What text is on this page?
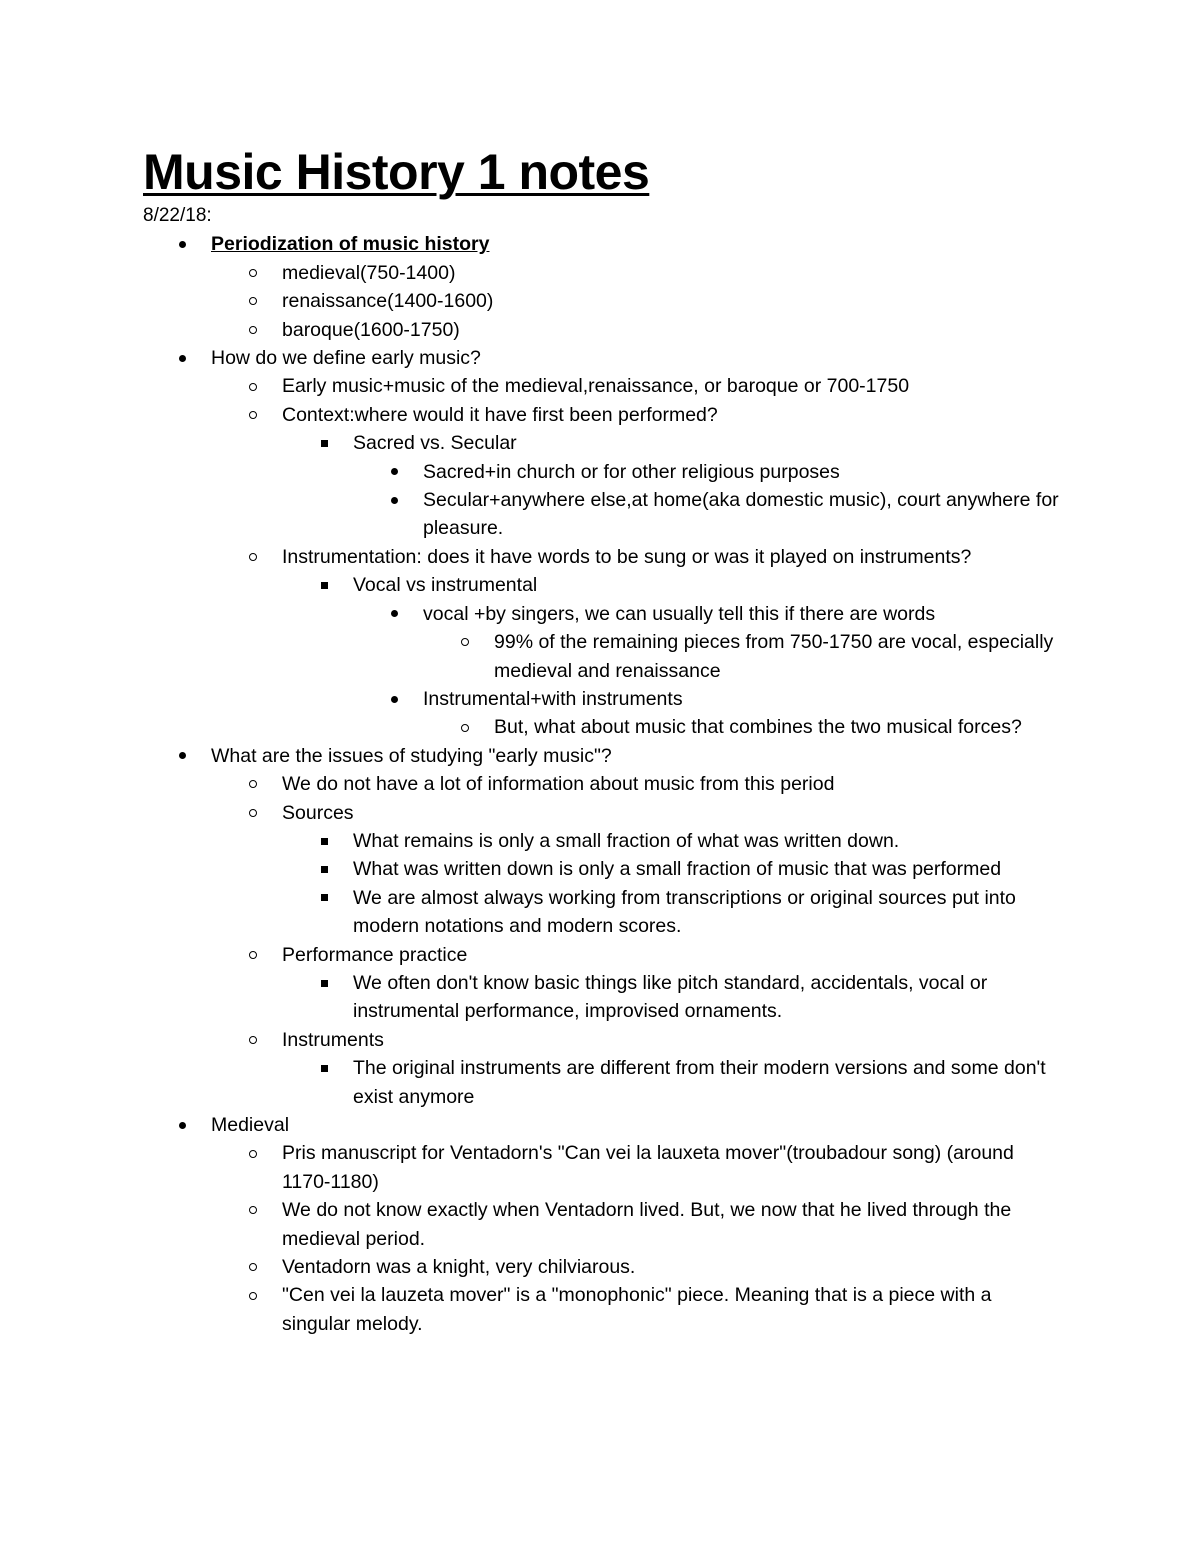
Music History 1 notes
8/22/18:
Periodization of music history
medieval(750-1400)
renaissance(1400-1600)
baroque(1600-1750)
How do we define early music?
Early music+music of the medieval,renaissance, or baroque or 700-1750
Context:where would it have first been performed?
Sacred vs. Secular
Sacred+in church or for other religious purposes
Secular+anywhere else,at home(aka domestic music), court anywhere for pleasure.
Instrumentation: does it have words to be sung or was it played on instruments?
Vocal vs instrumental
vocal +by singers, we can usually tell this if there are words
99% of the remaining pieces from 750-1750 are vocal, especially medieval and renaissance
Instrumental+with instruments
But, what about music that combines the two musical forces?
What are the issues of studying "early music"?
We do not have a lot of information about music from this period
Sources
What remains is only a small fraction of what was written down.
What was written down is only a small fraction of music that was performed
We are almost always working from transcriptions or original sources put into modern notations and modern scores.
Performance practice
We often don't know basic things like pitch standard, accidentals, vocal or instrumental performance, improvised ornaments.
Instruments
The original instruments are different from their modern versions and some don't exist anymore
Medieval
Pris manuscript for Ventadorn's "Can vei la lauxeta mover"(troubadour song) (around 1170-1180)
We do not know exactly when Ventadorn lived. But, we now that he lived through the medieval period.
Ventadorn was a knight, very chilviarous.
"Cen vei la lauzeta mover" is a "monophonic" piece. Meaning that is a piece with a singular melody.
